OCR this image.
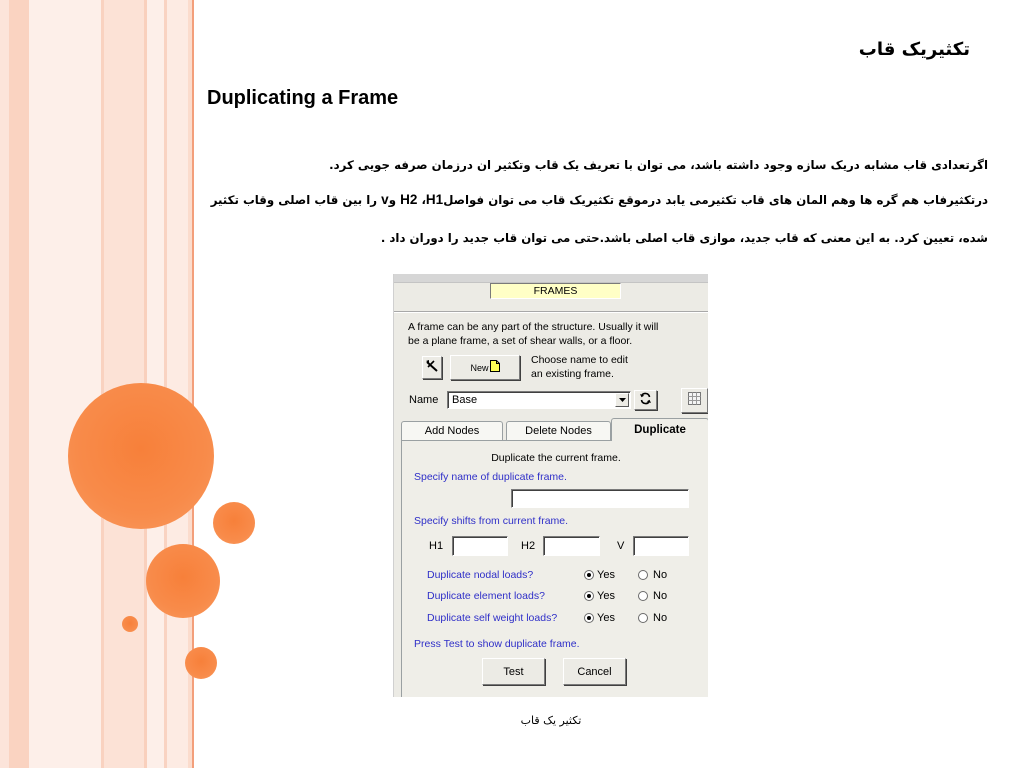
تکثیریک قاب
Duplicating a Frame
اگرتعدادی قاب مشابه دریک سازه وجود داشته باشد، می توان با تعریف یک قاب وتکثیر ان درزمان صرفه جویی کرد.
درتکثیرفاب هم گره ها وهم المان های قاب تکثیرمی یابد درموقع تکثیریک قاب می توان فواصلH1، H2 وv را بین قاب اصلی وقاب تکثیر
شده، تعیین کرد. به این معنی که قاب جدید، موازی قاب اصلی باشد.حتی می توان قاب جدید را دوران داد .
FRAMES
A frame can be any part of the structure. Usually it will
be a plane frame, a set of shear walls, or a floor.
New
Choose name to edit
an existing frame.
Name Base
Add Nodes	Delete Nodes	Duplicate
Duplicate the current frame.
Specify name of duplicate frame.
Specify shifts from current frame.
H1	H2	V
Duplicate nodal loads?	Yes	No
Duplicate element loads?	Yes	No
Duplicate self weight loads?	Yes	No
Press Test to show duplicate frame.
Test	Cancel
تکثیر یک قاب
